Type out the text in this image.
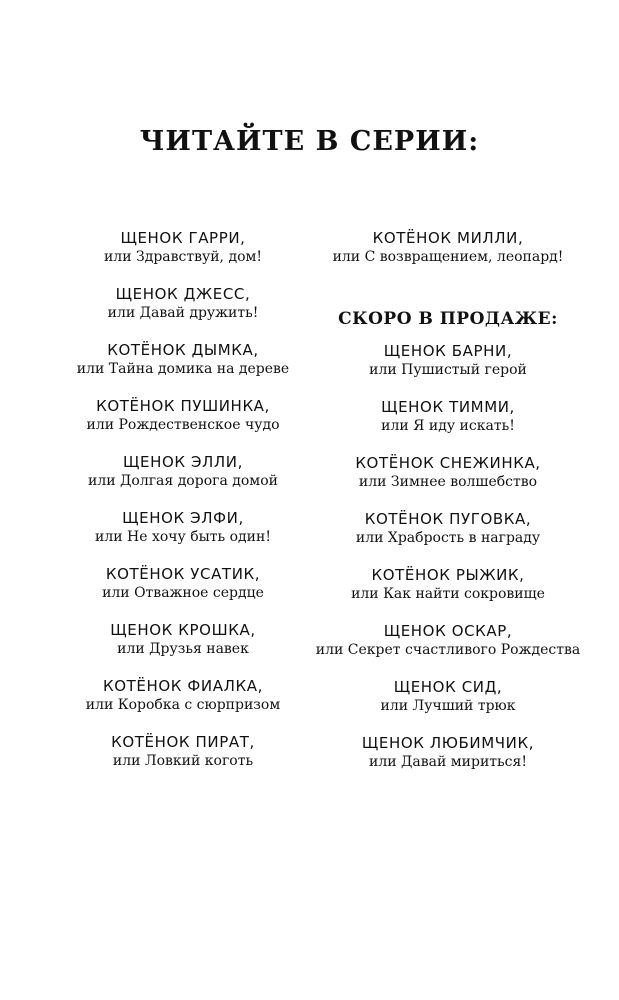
ЧИТАЙТЕ В СЕРИИ:
ЩЕНОК ГАРРИ,
или Здравствуй, дом!
ЩЕНОК ДЖЕСС,
или Давай дружить!
КОТЁНОК ДЫМКА,
или Тайна домика на дереве
КОТЁНОК ПУШИНКА,
или Рождественское чудо
ЩЕНОК ЭЛЛИ,
или Долгая дорога домой
ЩЕНОК ЭЛФИ,
или Не хочу быть один!
КОТЁНОК УСАТИК,
или Отважное сердце
ЩЕНОК КРОШКА,
или Друзья навек
КОТЁНОК ФИАЛКА,
или Коробка с сюрпризом
КОТЁНОК ПИРАТ,
или Ловкий коготь
КОТЁНОК МИЛЛИ,
или С возвращением, леопард!
СКОРО В ПРОДАЖЕ:
ЩЕНОК БАРНИ,
или Пушистый герой
ЩЕНОК ТИММИ,
или Я иду искать!
КОТЁНОК СНЕЖИНКА,
или Зимнее волшебство
КОТЁНОК ПУГОВКА,
или Храбрость в награду
КОТЁНОК РЫЖИК,
или Как найти сокровище
ЩЕНОК ОСКАР,
или Секрет счастливого Рождества
ЩЕНОК СИД,
или Лучший трюк
ЩЕНОК ЛЮБИМЧИК,
или Давай мириться!
